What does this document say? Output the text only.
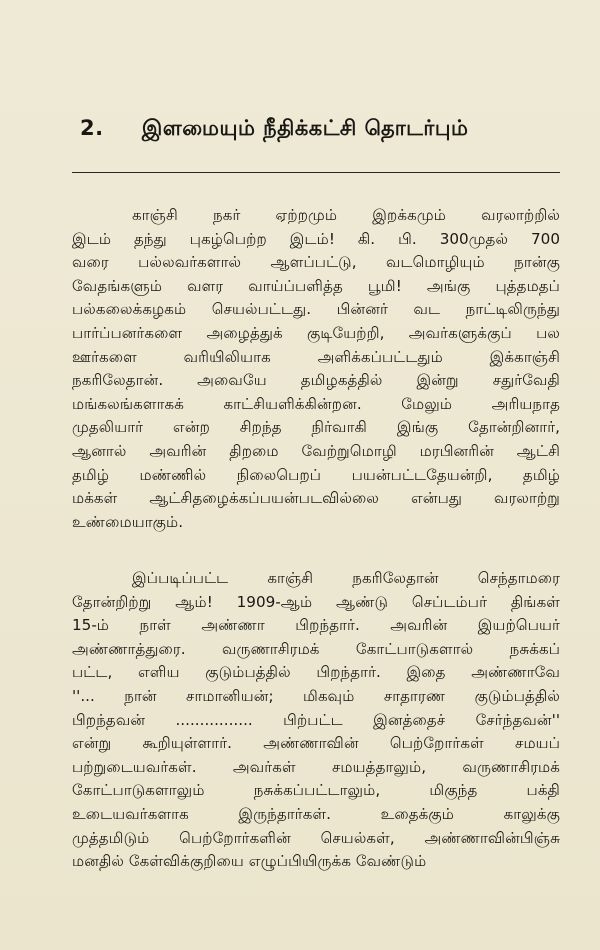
2. இளமையும் நீதிக்கட்சி தொடர்பும்
காஞ்சி நகர் ஏற்றமும் இறக்கமும் வரலாற்றில்
இடம் தந்து புகழ்பெற்ற இடம்! கி. பி. 300முதல் 700
வரை பல்லவர்களால் ஆளப்பட்டு, வடமொழியும் நான்கு
வேதங்களும் வளர வாய்ப்பளித்த பூமி! அங்கு புத்தமதப்
பல்கலைக்கழகம் செயல்பட்டது. பின்னர் வட நாட்டிலிருந்து
பார்ப்பனர்களை அழைத்துக் குடியேற்றி, அவர்களுக்குப் பல
ஊர்களை வரியிலியாக அளிக்கப்பட்டதும் இக்காஞ்சி
நகரிலேதான். அவையே தமிழகத்தில் இன்று சதுர்வேதி
மங்கலங்களாகக் காட்சியளிக்கின்றன. மேலும் அரியநாத
முதலியார் என்ற சிறந்த நிர்வாகி இங்கு தோன்றினார்,
ஆனால் அவரின் திறமை வேற்றுமொழி மரபினரின் ஆட்சி
தமிழ் மண்ணில் நிலைபெறப் பயன்பட்டதேயன்றி, தமிழ்
மக்கள் ஆட்சிதழைக்கப்பயன்படவில்லை என்பது வரலாற்று
உண்மையாகும்.
இப்படிப்பட்ட காஞ்சி நகரிலேதான் செந்தாமரை
தோன்றிற்று ஆம்! 1909-ஆம் ஆண்டு செப்டம்பர் திங்கள்
15-ம் நாள் அண்ணா பிறந்தார். அவரின் இயற்பெயர்
அண்ணாத்துரை. வருணாசிரமக் கோட்பாடுகளால் நசுக்கப்
பட்ட, எளிய குடும்பத்தில் பிறந்தார். இதை அண்ணாவே
''... நான் சாமானியன்; மிகவும் சாதாரண குடும்பத்தில்
பிறந்தவன் ................ பிற்பட்ட இனத்தைச் சேர்ந்தவன்''
என்று கூறியுள்ளார். அண்ணாவின் பெற்றோர்கள் சமயப்
பற்றுடையவர்கள். அவர்கள் சமயத்தாலும், வருணாசிரமக்
கோட்பாடுகளாலும் நசுக்கப்பட்டாலும், மிகுந்த பக்தி
உடையவர்களாக இருந்தார்கள். உதைக்கும் காலுக்கு
முத்தமிடும் பெற்றோர்களின் செயல்கள், அண்ணாவின்பிஞ்சு
மனதில் கேள்விக்குறியை எழுப்பியிருக்க வேண்டும்
